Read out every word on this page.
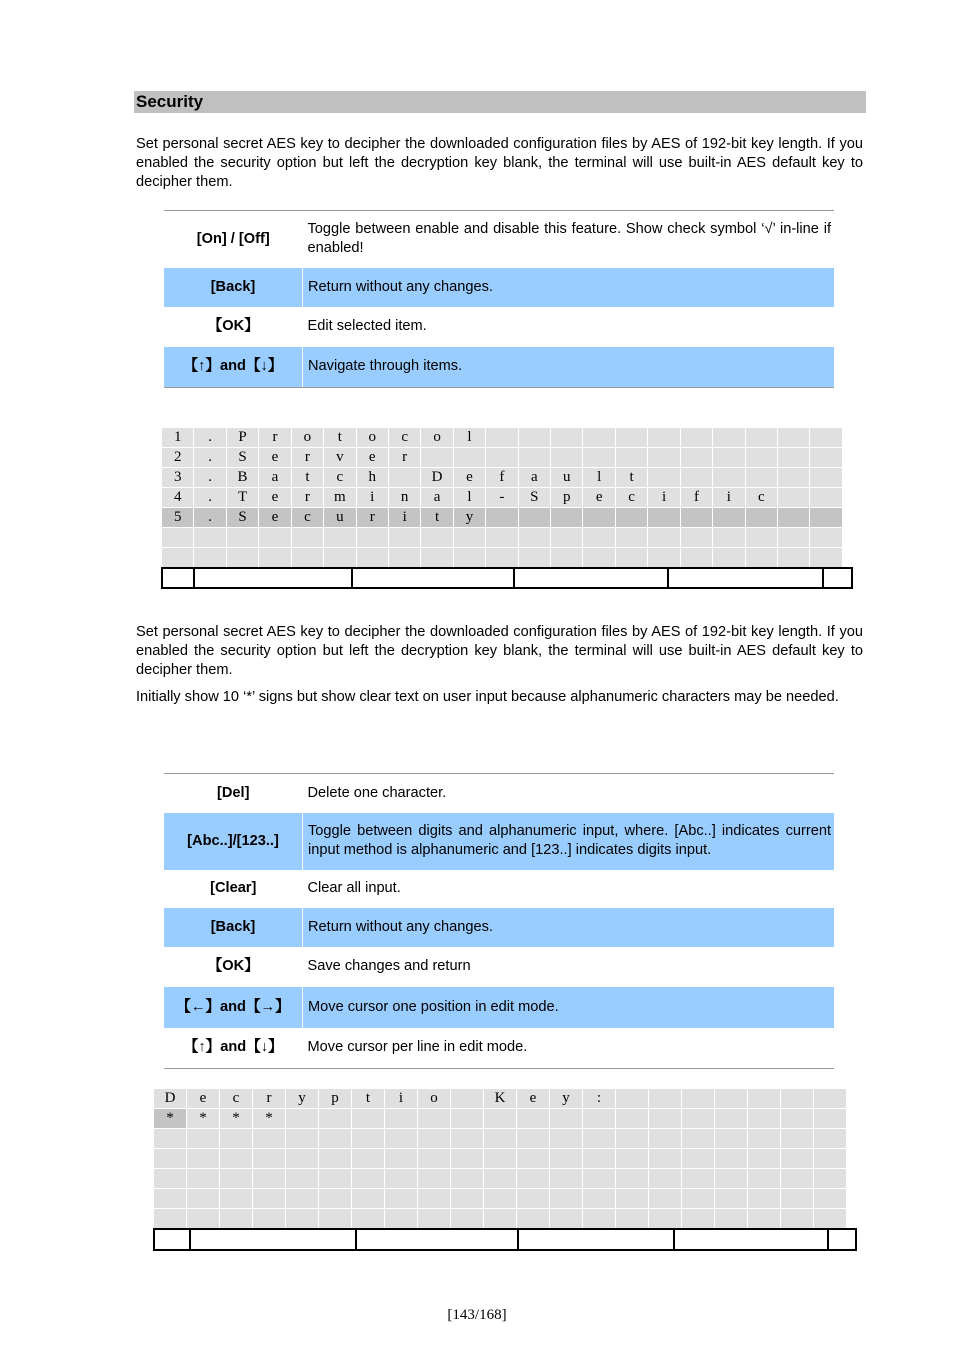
Security
Set personal secret AES key to decipher the downloaded configuration files by AES of 192-bit key length. If you enabled the security option but left the decryption key blank, the terminal will use built-in AES default key to decipher them.
[On] / [Off]	Toggle between enable and disable this feature. Show check symbol ‘√’ in-line if enabled!
[Back]	Return without any changes.
【OK】	Edit selected item.
【↑】and【↓】	Navigate through items.
1	.	P	r	o	t	o	c	o	l											
2	.	S	e	r	v	e	r													
3	.	B	a	t	c	h		D	e	f	a	u	l	t						
4	.	T	e	r	m	i	n	a	l	-	S	p	e	c	i	f	i	c		
5	.	S	e	c	u	r	i	t	y											

Set personal secret AES key to decipher the downloaded configuration files by AES of 192-bit key length. If you enabled the security option but left the decryption key blank, the terminal will use built-in AES default key to decipher them.
Initially show 10 ‘*’ signs but show clear text on user input because alphanumeric characters may be needed.
[Del]	Delete one character.
[Abc..]/[123..]	Toggle between digits and alphanumeric input, where. [Abc..] indicates current input method is alphanumeric and [123..] indicates digits input.
[Clear]	Clear all input.
[Back]	Return without any changes.
【OK】	Save changes and return
【←】and【→】	Move cursor one position in edit mode.
【↑】and【↓】	Move cursor per line in edit mode.
D	e	c	r	y	p	t	i	o		K	e	y	:							
*	*	*	*																	

[143/168]
